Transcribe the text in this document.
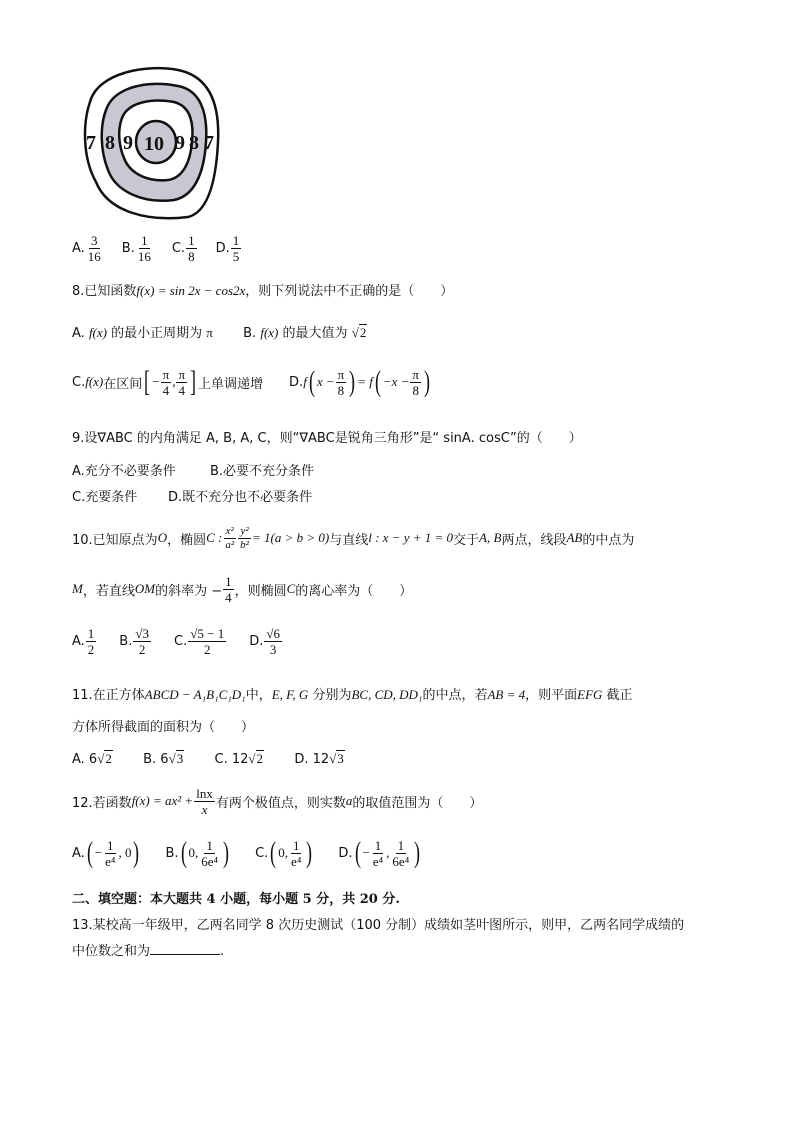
7 8 9 10 9 8 7
A. $\frac{3}{16} B$. $\frac{1}{16} C$. $\frac{1}{8} D$. $\frac{1}{5}$
8.已知函数f(x) = sin 2x − cos2x，则下列说法中不正确的是（　　）
A. f(x) 的最小正周期为 π B. f(x) 的最大值为 √2
C. f(x) 在区间 [ − $\frac{\pi}{4}$ , $\frac{\pi}{4}$ ] 上单调递增 D. f ( $x - \frac{\pi}{8}$ ) = f ( $-x - \frac{\pi}{8}$ )
9.设∇ABC 的内角满足 A, B, A, C，则“∇ABC是锐角三角形”是“ sinA. cosC”的（　　）
A.充分不必要条件	B.必要不充分条件
C.充要条件 D.既不充分也不必要条件
10.已知原点为 O ，椭圆 C : $\frac{\text{x²}}{\text{a²}} \frac{\text{y²}}{\text{b²}} = 1(a > b > 0)$ 与直线 l : x − y + 1 = 0 交于 A, B 两点，线段 AB 的中点为
M ，若直线 OM 的斜率为 − $\frac{1}{4}$ ，则椭圆 C 的离心率为（　　）
A. $\frac{1}{2} B$. $\frac{√3}{2} C$. $\frac{√5 - 1}{2} D$. $\frac{√6}{3}$
11.在正方体ABCD − A₁B₁C₁D₁中，E, F, G 分别为BC, CD, DD₁的中点，若AB = 4，则平面EFG 截正
方体所得截面的面积为（　　）
A. 6√2 B. 6√3 C. 12√2 D. 12√3
12.若函数 $f(x) = ax^2 + \frac{\ln x}{x}$ 有两个极值点，则实数 a 的取值范围为（　　）
A. ( − $\frac{1}{\text{e⁴}}$ , 0 ) B. ( 0, $\frac{1}{\text{6e⁴}}$ ) C. ( 0, $\frac{1}{\text{e⁴}}$ ) D. ( − $\frac{1}{\text{e⁴}}$ , $\frac{1}{\text{6e⁴}}$ )
二、填空题：本大题共 4 小题，每小题 5 分，共 20 分.
13.某校高一年级甲，乙两名同学 8 次历史测试（100 分制）成绩如茎叶图所示，则甲，乙两名同学成绩的
中位数之和为	.
